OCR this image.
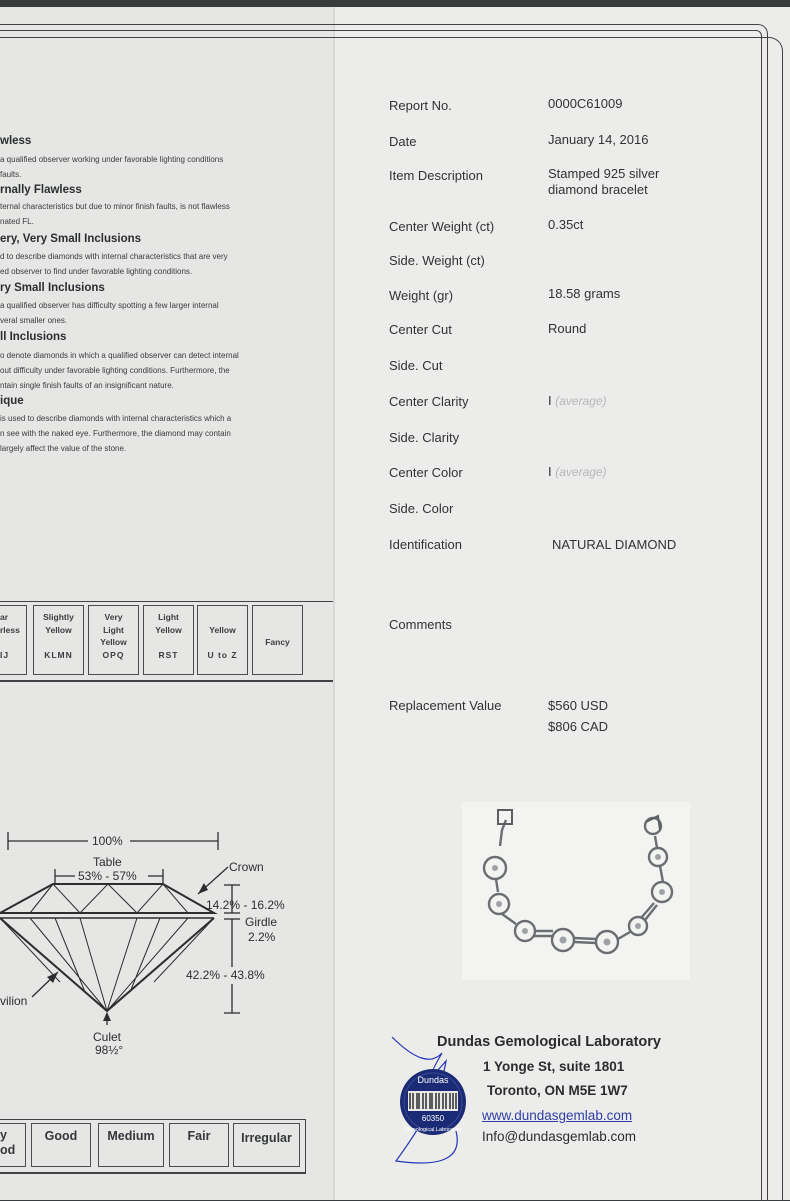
wless
a qualified observer working under favorable lighting conditions
faults.
rnally Flawless
ternal characteristics but due to minor finish faults, is not flawless
nated FL.
ery, Very Small Inclusions
d to describe diamonds with internal characteristics that are very
ed observer to find under favorable lighting conditions.
ry Small Inclusions
a qualified observer has difficulty spotting a few larger internal
veral smaller ones.
ll Inclusions
o denote diamonds in which a qualified observer can detect internal
out difficulty under favorable lighting conditions. Furthermore, the
ntain single finish faults of an insignificant nature.
ique
is used to describe diamonds with internal characteristics which a
n see with the naked eye. Furthermore, the diamond may contain
largely affect the value of the stone.
ar
rless
IJ
Slightly
Yellow
KLMN
Very
Light
Yellow
OPQ
Light
Yellow
RST
Yellow
U to Z
Fancy
100%
Table
53% - 57%
Crown
14.2% - 16.2%
Girdle
2.2%
42.2% - 43.8%
vilion
Culet
98½°
y
od
Good	Medium	Fair	Irregular
Report No.	0000C61009
Date	January 14, 2016
Item Description	Stamped 925 silver
diamond bracelet
Center Weight (ct)	0.35ct
Side. Weight (ct)
Weight (gr)	18.58 grams
Center Cut	Round
Side. Cut
Center Clarity	I (average)
Side. Clarity
Center Color	I (average)
Side. Color
Identification	NATURAL DIAMOND
Comments
Replacement Value	$560 USD
$806 CAD
Dundas
60350
Gemological Laboratory
Dundas Gemological Laboratory
1 Yonge St, suite 1801
Toronto, ON M5E 1W7
www.dundasgemlab.com
Info@dundasgemlab.com
